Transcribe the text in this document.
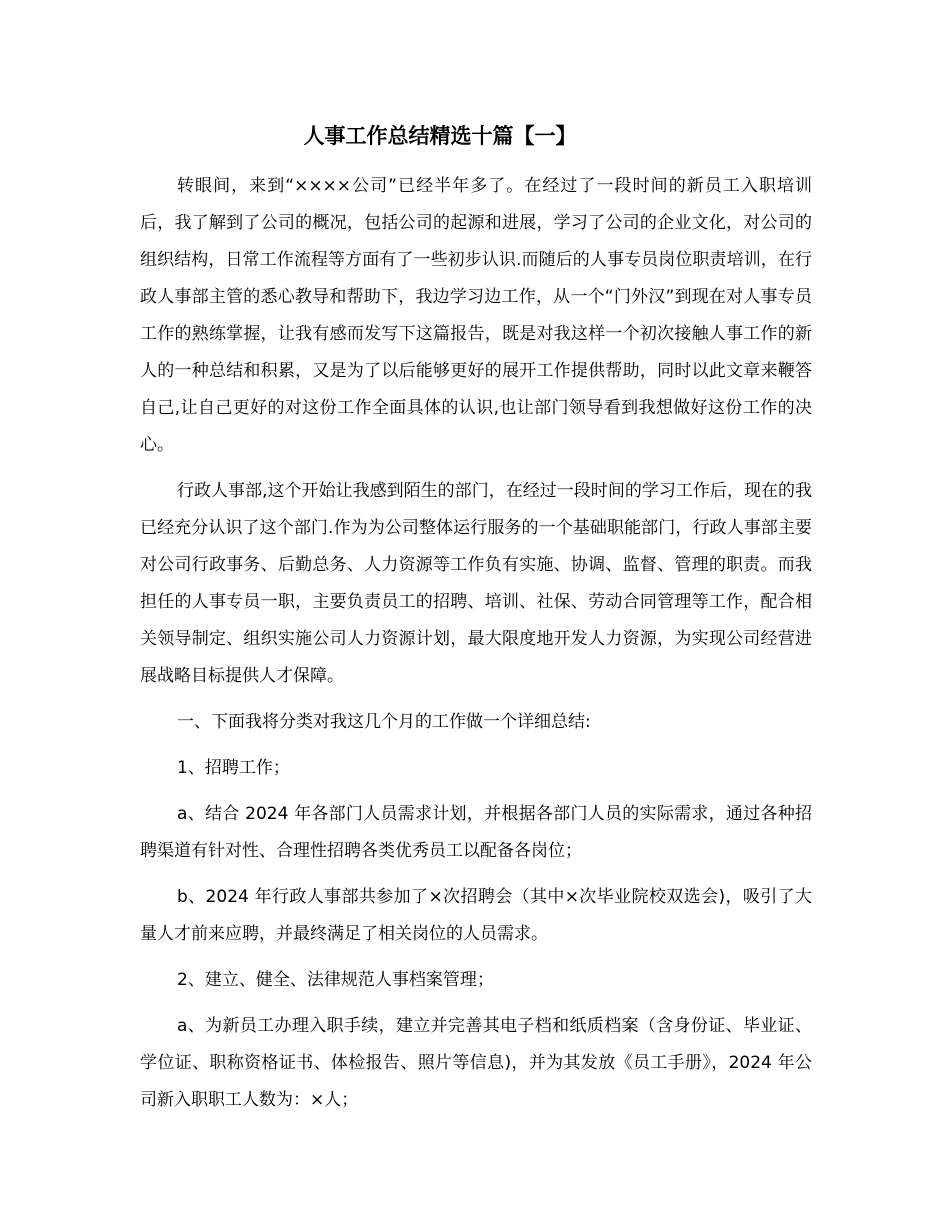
人事工作总结精选十篇【一】

转眼间，来到“××××公司”已经半年多了。在经过了一段时间的新员工入职培训后，我了解到了公司的概况，包括公司的起源和进展，学习了公司的企业文化，对公司的组织结构，日常工作流程等方面有了一些初步认识.而随后的人事专员岗位职责培训，在行政人事部主管的悉心教导和帮助下，我边学习边工作，从一个“门外汉”到现在对人事专员工作的熟练掌握，让我有感而发写下这篇报告，既是对我这样一个初次接触人事工作的新人的一种总结和积累，又是为了以后能够更好的展开工作提供帮助，同时以此文章来鞭答自己,让自己更好的对这份工作全面具体的认识,也让部门领导看到我想做好这份工作的决心。

行政人事部,这个开始让我感到陌生的部门，在经过一段时间的学习工作后，现在的我已经充分认识了这个部门.作为为公司整体运行服务的一个基础职能部门，行政人事部主要对公司行政事务、后勤总务、人力资源等工作负有实施、协调、监督、管理的职责。而我担任的人事专员一职，主要负责员工的招聘、培训、社保、劳动合同管理等工作，配合相关领导制定、组织实施公司人力资源计划，最大限度地开发人力资源，为实现公司经营进展战略目标提供人才保障。

一、下面我将分类对我这几个月的工作做一个详细总结:

1、招聘工作；

a、结合 2024 年各部门人员需求计划，并根据各部门人员的实际需求，通过各种招聘渠道有针对性、合理性招聘各类优秀员工以配备各岗位；

b、2024 年行政人事部共参加了×次招聘会（其中×次毕业院校双选会)，吸引了大量人才前来应聘，并最终满足了相关岗位的人员需求。

2、建立、健全、法律规范人事档案管理；

a、为新员工办理入职手续，建立并完善其电子档和纸质档案（含身份证、毕业证、学位证、职称资格证书、体检报告、照片等信息)，并为其发放《员工手册》，2024 年公司新入职职工人数为：×人；
